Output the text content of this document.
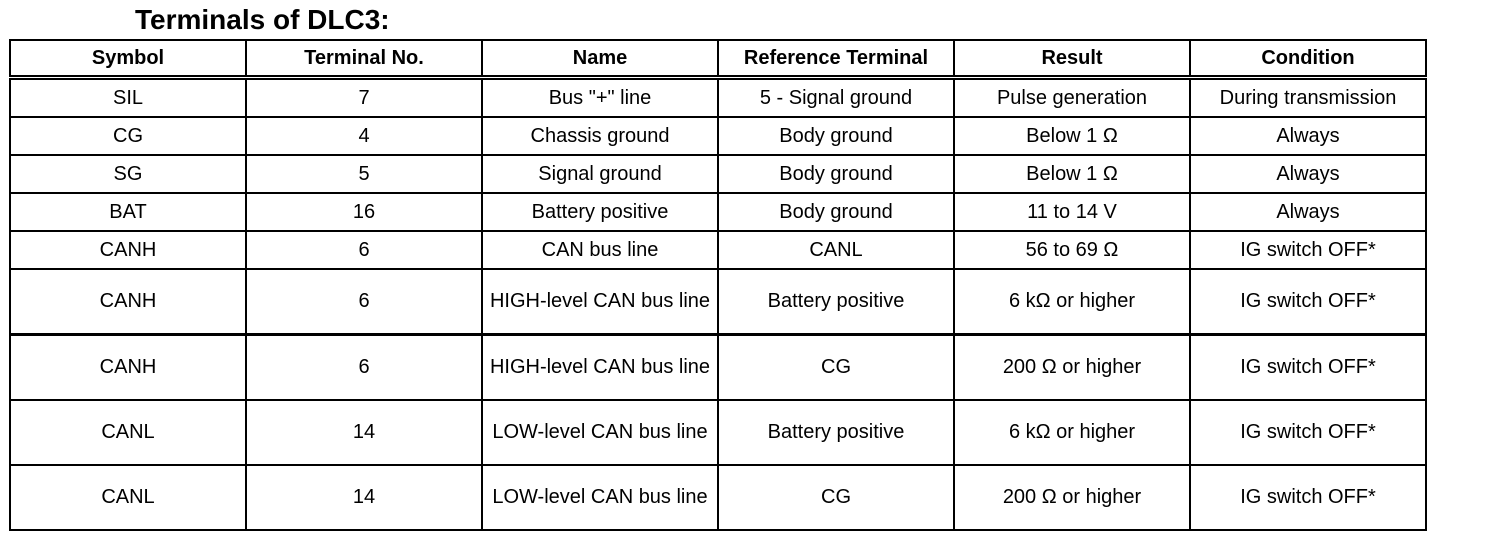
Terminals of DLC3:
Symbol	Terminal No.	Name	Reference Terminal	Result	Condition
SIL	7	Bus "+" line	5 - Signal ground	Pulse generation	During transmission
CG	4	Chassis ground	Body ground	Below 1 Ω	Always
SG	5	Signal ground	Body ground	Below 1 Ω	Always
BAT	16	Battery positive	Body ground	11 to 14 V	Always
CANH	6	CAN bus line	CANL	56 to 69 Ω	IG switch OFF*
CANH	6	HIGH-level CAN bus line	Battery positive	6 kΩ or higher	IG switch OFF*
CANH	6	HIGH-level CAN bus line	CG	200 Ω or higher	IG switch OFF*
CANL	14	LOW-level CAN bus line	Battery positive	6 kΩ or higher	IG switch OFF*
CANL	14	LOW-level CAN bus line	CG	200 Ω or higher	IG switch OFF*
